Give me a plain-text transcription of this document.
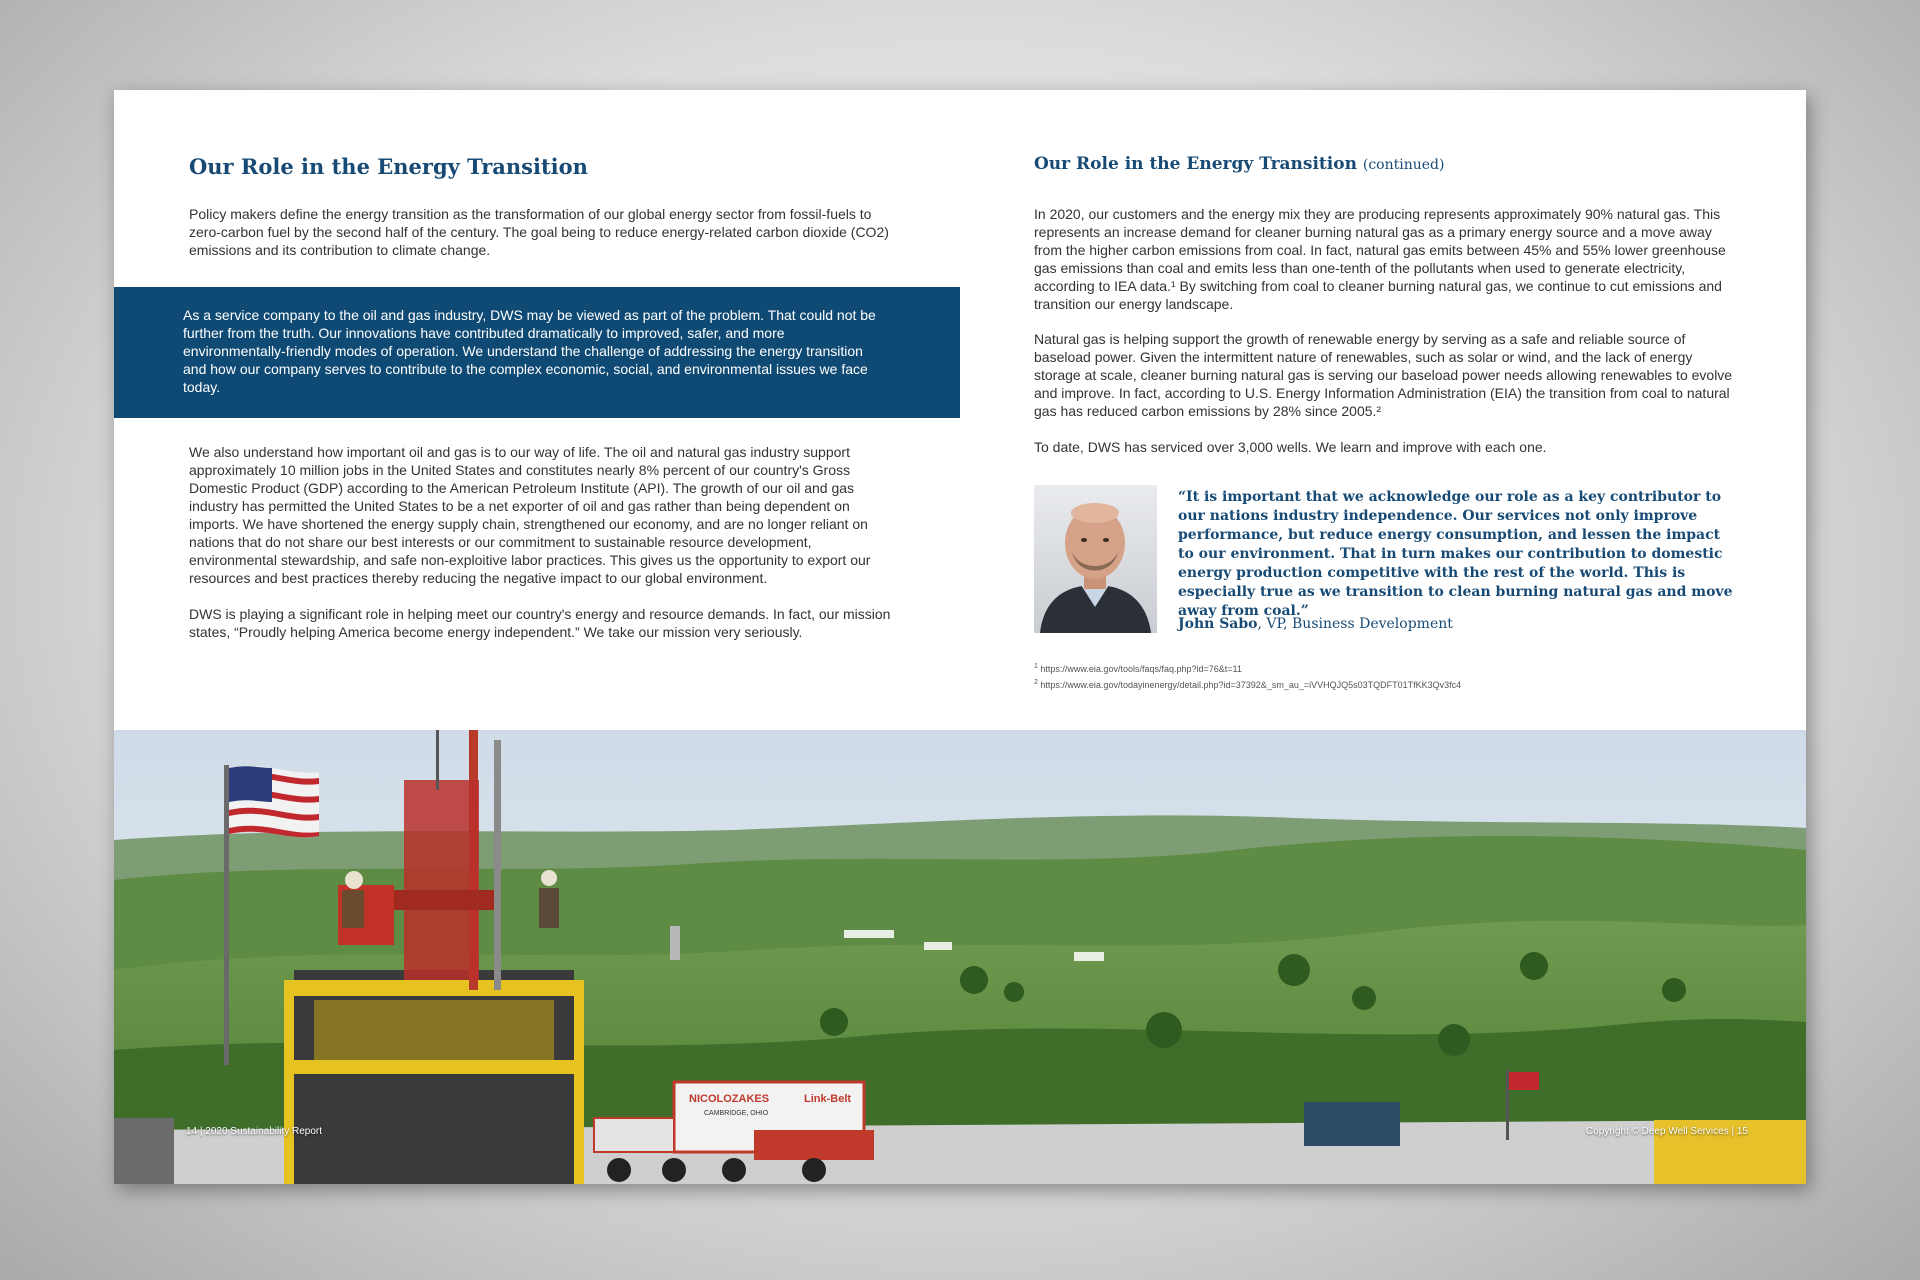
Our Role in the Energy Transition

Policy makers define the energy transition as the transformation of our global energy sector from fossil-fuels to zero-carbon fuel by the second half of the century. The goal being to reduce energy-related carbon dioxide (CO2) emissions and its contribution to climate change.

As a service company to the oil and gas industry, DWS may be viewed as part of the problem. That could not be further from the truth. Our innovations have contributed dramatically to improved, safer, and more environmentally-friendly modes of operation. We understand the challenge of addressing the energy transition and how our company serves to contribute to the complex economic, social, and environmental issues we face today.

We also understand how important oil and gas is to our way of life. The oil and natural gas industry support approximately 10 million jobs in the United States and constitutes nearly 8% percent of our country's Gross Domestic Product (GDP) according to the American Petroleum Institute (API). The growth of our oil and gas industry has permitted the United States to be a net exporter of oil and gas rather than being dependent on imports. We have shortened the energy supply chain, strengthened our economy, and are no longer reliant on nations that do not share our best interests or our commitment to sustainable resource development, environmental stewardship, and safe non-exploitive labor practices. This gives us the opportunity to export our resources and best practices thereby reducing the negative impact to our global environment.

DWS is playing a significant role in helping meet our country's energy and resource demands. In fact, our mission states, “Proudly helping America become energy independent.” We take our mission very seriously.

Our Role in the Energy Transition (continued)

In 2020, our customers and the energy mix they are producing represents approximately 90% natural gas. This represents an increase demand for cleaner burning natural gas as a primary energy source and a move away from the higher carbon emissions from coal. In fact, natural gas emits between 45% and 55% lower greenhouse gas emissions than coal and emits less than one-tenth of the pollutants when used to generate electricity, according to IEA data.¹ By switching from coal to cleaner burning natural gas, we continue to cut emissions and transition our energy landscape.

Natural gas is helping support the growth of renewable energy by serving as a safe and reliable source of baseload power. Given the intermittent nature of renewables, such as solar or wind, and the lack of energy storage at scale, cleaner burning natural gas is serving our baseload power needs allowing renewables to evolve and improve. In fact, according to U.S. Energy Information Administration (EIA) the transition from coal to natural gas has reduced carbon emissions by 28% since 2005.²

To date, DWS has serviced over 3,000 wells. We learn and improve with each one.

“It is important that we acknowledge our role as a key contributor to our nations industry independence. Our services not only improve performance, but reduce energy consumption, and lessen the impact to our environment. That in turn makes our contribution to domestic energy production competitive with the rest of the world. This is especially true as we transition to clean burning natural gas and move away from coal.”

John Sabo, VP, Business Development

$^1$ https://www.eia.gov/tools/faqs/faq.php?id=76&t=11

$^2$ https://www.eia.gov/todayinenergy/detail.php?id=37392&_sm_au_=iVVHQJQ5s03TQDFT01TfKK3Qv3fc4

NICOLOZAKES
CAMBRIDGE, OHIO
Link-Belt

14 | 2020 Sustainability Report	Copyright © Deep Well Services | 15
